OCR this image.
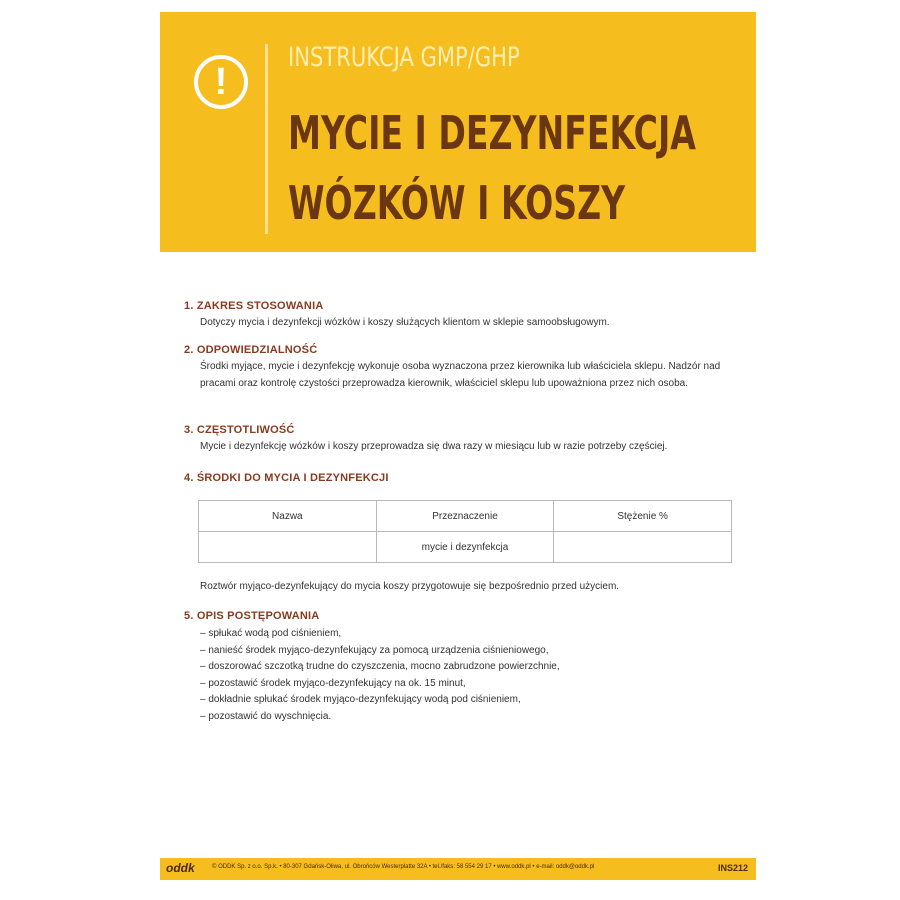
!
INSTRUKCJA GMP/GHP
MYCIE I DEZYNFEKCJA
WÓZKÓW I KOSZY
1. ZAKRES STOSOWANIA
Dotyczy mycia i dezynfekcji wózków i koszy służących klientom w sklepie samoobsługowym.
2. ODPOWIEDZIALNOŚĆ
Środki myjące, mycie i dezynfekcję wykonuje osoba wyznaczona przez kierownika lub właściciela sklepu. Nadzór nad pracami oraz kontrolę czystości przeprowadza kierownik, właściciel sklepu lub upoważniona przez nich osoba.
3. CZĘSTOTLIWOŚĆ
Mycie i dezynfekcję wózków i koszy przeprowadza się dwa razy w miesiącu lub w razie potrzeby częściej.
4. ŚRODKI DO MYCIA I DEZYNFEKCJI
Nazwa	Przeznaczenie	Stężenie %
	mycie i dezynfekcja	
Roztwór myjąco-dezynfekujący do mycia koszy przygotowuje się bezpośrednio przed użyciem.
5. OPIS POSTĘPOWANIA
– spłukać wodą pod ciśnieniem,
– nanieść środek myjąco-dezynfekujący za pomocą urządzenia ciśnieniowego,
– doszorować szczotką trudne do czyszczenia, mocno zabrudzone powierzchnie,
– pozostawić środek myjąco-dezynfekujący na ok. 15 minut,
– dokładnie spłukać środek myjąco-dezynfekujący wodą pod ciśnieniem,
– pozostawić do wyschnięcia.
oddk	© ODDK Sp. z o.o. Sp.k. • 80-307 Gdańsk-Oliwa, ul. Obrońców Westerplatte 32A • tel./faks: 58 554 29 17 • www.oddk.pl • e-mail: oddk@oddk.pl	INS212
